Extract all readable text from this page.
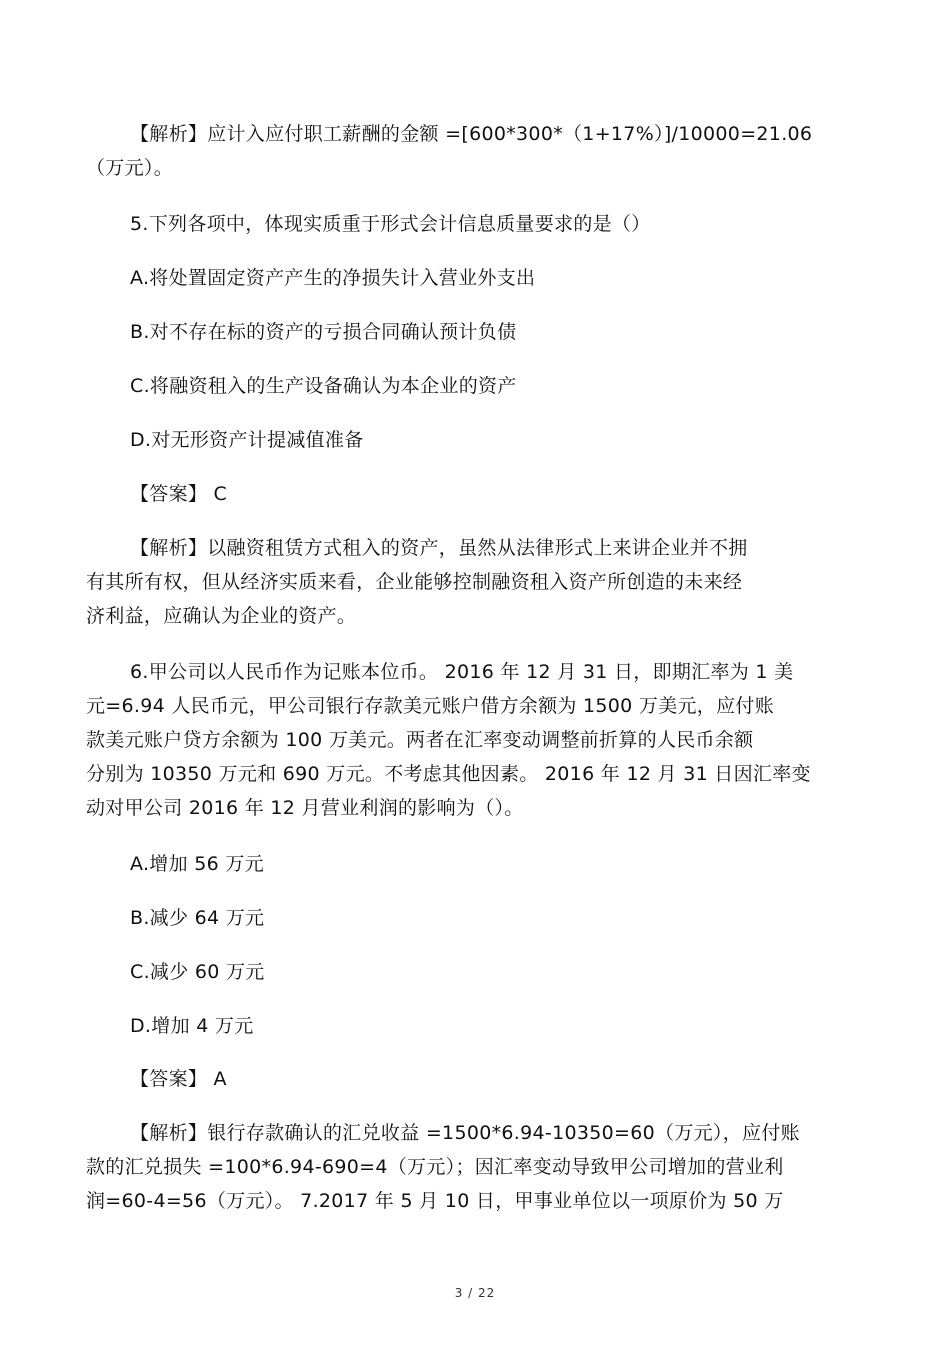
【解析】应计入应付职工薪酬的金额 =[600*300*（1+17%）]/10000=21.06
（万元）。
5.下列各项中，体现实质重于形式会计信息质量要求的是（）
A.将处置固定资产产生的净损失计入营业外支出
B.对不存在标的资产的亏损合同确认预计负债
C.将融资租入的生产设备确认为本企业的资产
D.对无形资产计提减值准备
【答案】 C
【解析】以融资租赁方式租入的资产，虽然从法律形式上来讲企业并不拥
有其所有权，但从经济实质来看，企业能够控制融资租入资产所创造的未来经
济利益，应确认为企业的资产。
6.甲公司以人民币作为记账本位币。 2016 年 12 月 31 日，即期汇率为 1 美
元=6.94 人民币元，甲公司银行存款美元账户借方余额为 1500 万美元，应付账
款美元账户贷方余额为 100 万美元。两者在汇率变动调整前折算的人民币余额
分别为 10350 万元和 690 万元。不考虑其他因素。 2016 年 12 月 31 日因汇率变
动对甲公司 2016 年 12 月营业利润的影响为（）。
A.增加 56 万元
B.减少 64 万元
C.减少 60 万元
D.增加 4 万元
【答案】 A
【解析】银行存款确认的汇兑收益 =1500*6.94-10350=60（万元），应付账
款的汇兑损失 =100*6.94-690=4（万元）；因汇率变动导致甲公司增加的营业利
润=60-4=56（万元）。 7.2017 年 5 月 10 日，甲事业单位以一项原价为 50 万
3 / 22
